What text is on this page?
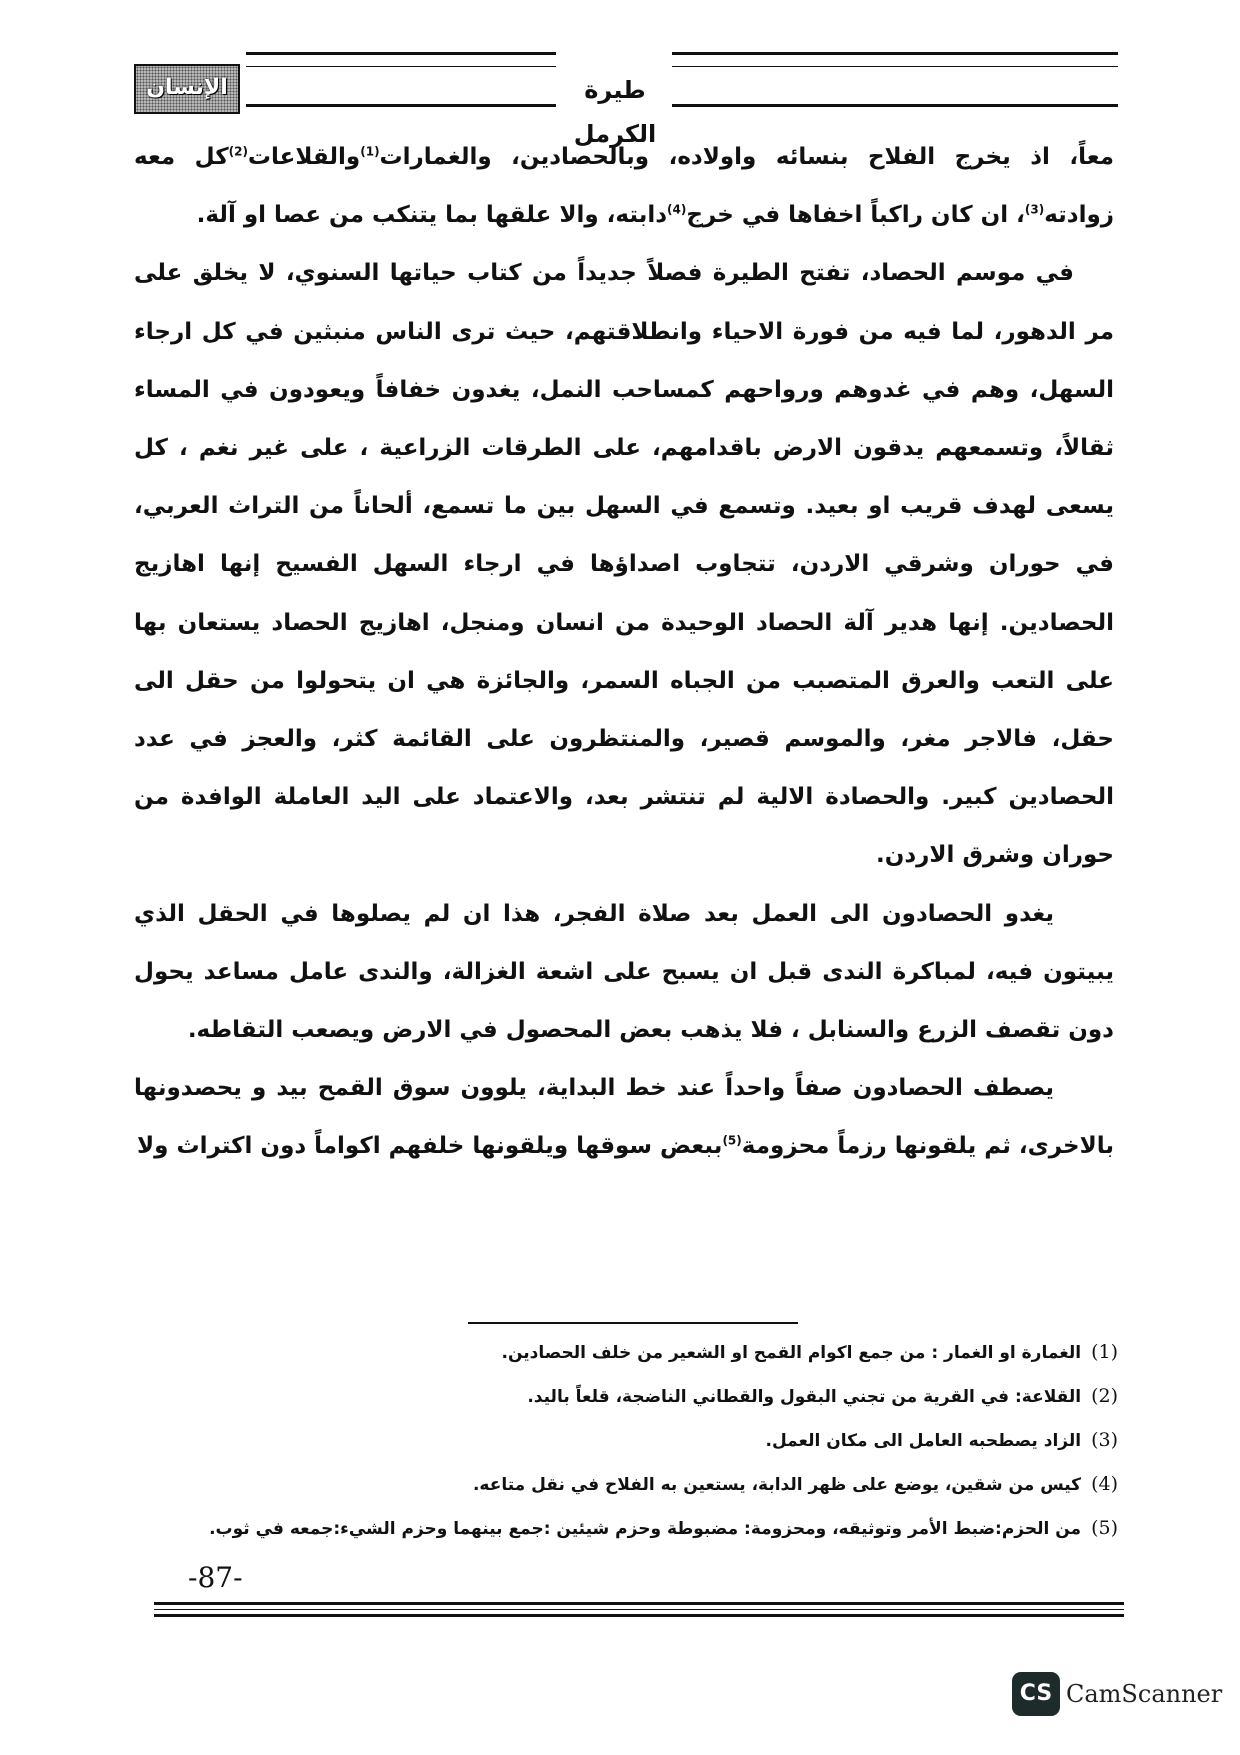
طيرة الكرمل
الإنسان

معاً، اذ يخرج الفلاح بنسائه واولاده، وبالحصادين، والغمارات$^{(1)}$والقلاعات$^{(2)}$كل معه زوادته$^{(3)}$، ان كان راكباً اخفاها في خرج$^{(4)}$دابته، والا علقها بما يتنكب من عصا او آلة.

في موسم الحصاد، تفتح الطيرة فصلاً جديداً من كتاب حياتها السنوي، لا يخلق على مر الدهور، لما فيه من فورة الاحياء وانطلاقتهم، حيث ترى الناس منبثين في كل ارجاء السهل، وهم في غدوهم ورواحهم كمساحب النمل، يغدون خفافاً ويعودون في المساء ثقالاً، وتسمعهم يدقون الارض باقدامهم، على الطرقات الزراعية ، على غير نغم ، كل يسعى لهدف قريب او بعيد. وتسمع في السهل بين ما تسمع، ألحاناً من التراث العربي، في حوران وشرقي الاردن، تتجاوب اصداؤها في ارجاء السهل الفسيح إنها اهازيج الحصادين. إنها هدير آلة الحصاد الوحيدة من انسان ومنجل، اهازيج الحصاد يستعان بها على التعب والعرق المتصبب من الجباه السمر، والجائزة هي ان يتحولوا من حقل الى حقل، فالاجر مغر، والموسم قصير، والمنتظرون على القائمة كثر، والعجز في عدد الحصادين كبير. والحصادة الالية لم تنتشر بعد، والاعتماد على اليد العاملة الوافدة من حوران وشرق الاردن.

يغدو الحصادون الى العمل بعد صلاة الفجر، هذا ان لم يصلوها في الحقل الذي يبيتون فيه، لمباكرة الندى قبل ان يسبح على اشعة الغزالة، والندى عامل مساعد يحول دون تقصف الزرع والسنابل ، فلا يذهب بعض المحصول في الارض ويصعب التقاطه.

يصطف الحصادون صفاً واحداً عند خط البداية، يلوون سوق القمح بيد و يحصدونها بالاخرى، ثم يلقونها رزماً محزومة$^{(5)}$ببعض سوقها ويلقونها خلفهم اكواماً دون اكتراث ولا

(1)الغمارة او الغمار : من جمع اكوام القمح او الشعير من خلف الحصادين.
(2)القلاعة: في القرية من تجني البقول والقطاني الناضجة، قلعاً باليد.
(3)الزاد يصطحبه العامل الى مكان العمل.
(4)كيس من شقين، يوضع على ظهر الدابة، يستعين به الفلاح في نقل متاعه.
(5)من الحزم:ضبط الأمر وتوثيقه، ومحزومة: مضبوطة وحزم شيئين :جمع بينهما وحزم الشيء:جمعه في ثوب.
-87-
CS CamScanner
